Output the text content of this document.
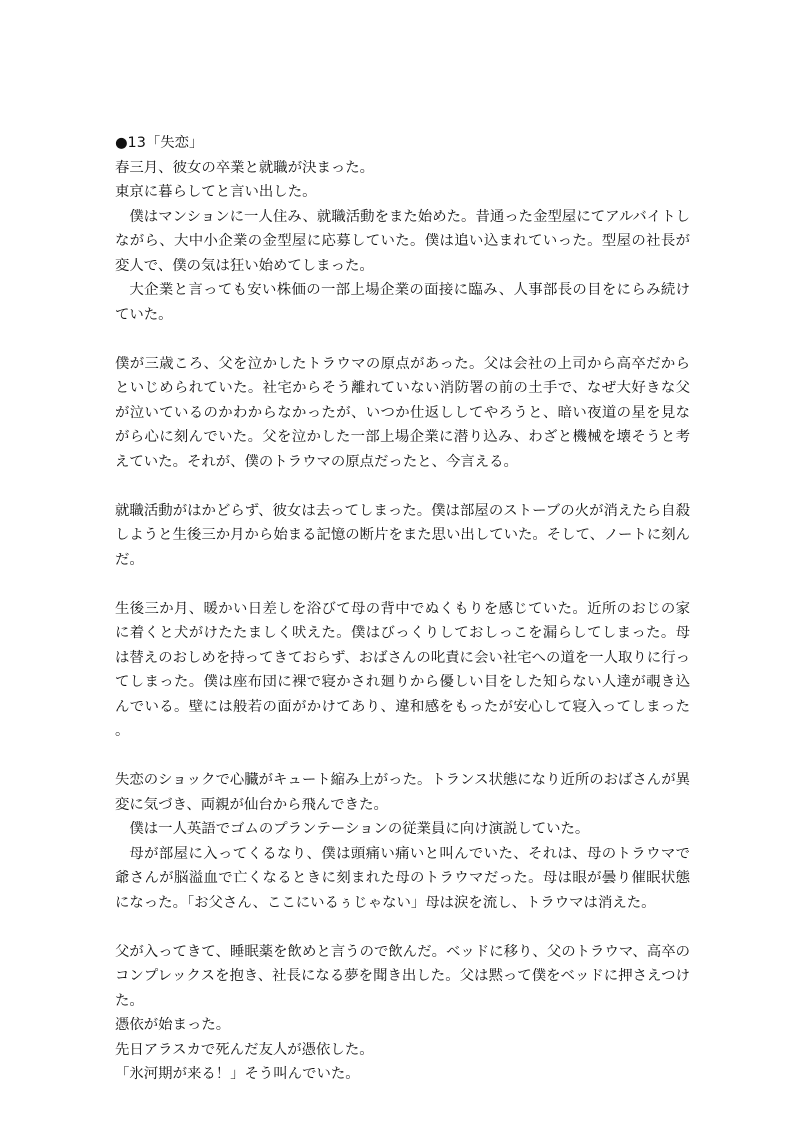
●13「失恋」

春三月、彼女の卒業と就職が決まった。

東京に暮らしてと言い出した。

僕はマンションに一人住み、就職活動をまた始めた。昔通った金型屋にてアルバイトしながら、大中小企業の金型屋に応募していた。僕は追い込まれていった。型屋の社長が変人で、僕の気は狂い始めてしまった。

大企業と言っても安い株価の一部上場企業の面接に臨み、人事部長の目をにらみ続けていた。

僕が三歳ころ、父を泣かしたトラウマの原点があった。父は会社の上司から高卒だからといじめられていた。社宅からそう離れていない消防署の前の土手で、なぜ大好きな父が泣いているのかわからなかったが、いつか仕返ししてやろうと、暗い夜道の星を見ながら心に刻んでいた。父を泣かした一部上場企業に潜り込み、わざと機械を壊そうと考えていた。それが、僕のトラウマの原点だったと、今言える。

就職活動がはかどらず、彼女は去ってしまった。僕は部屋のストーブの火が消えたら自殺しようと生後三か月から始まる記憶の断片をまた思い出していた。そして、ノートに刻んだ。

生後三か月、暖かい日差しを浴びて母の背中でぬくもりを感じていた。近所のおじの家に着くと犬がけたたましく吠えた。僕はびっくりしておしっこを漏らしてしまった。母は替えのおしめを持ってきておらず、おばさんの叱責に会い社宅への道を一人取りに行ってしまった。僕は座布団に裸で寝かされ廻りから優しい目をした知らない人達が覗き込んでいる。壁には般若の面がかけてあり、違和感をもったが安心して寝入ってしまった。

失恋のショックで心臓がキュート縮み上がった。トランス状態になり近所のおばさんが異変に気づき、両親が仙台から飛んできた。

僕は一人英語でゴムのプランテーションの従業員に向け演説していた。

母が部屋に入ってくるなり、僕は頭痛い痛いと叫んでいた、それは、母のトラウマで爺さんが脳溢血で亡くなるときに刻まれた母のトラウマだった。母は眼が曇り催眠状態になった。「お父さん、ここにいるぅじゃない」母は涙を流し、トラウマは消えた。

父が入ってきて、睡眠薬を飲めと言うので飲んだ。ベッドに移り、父のトラウマ、高卒のコンプレックスを抱き、社長になる夢を聞き出した。父は黙って僕をベッドに押さえつけた。

憑依が始まった。

先日アラスカで死んだ友人が憑依した。

「氷河期が来る！」そう叫んでいた。
